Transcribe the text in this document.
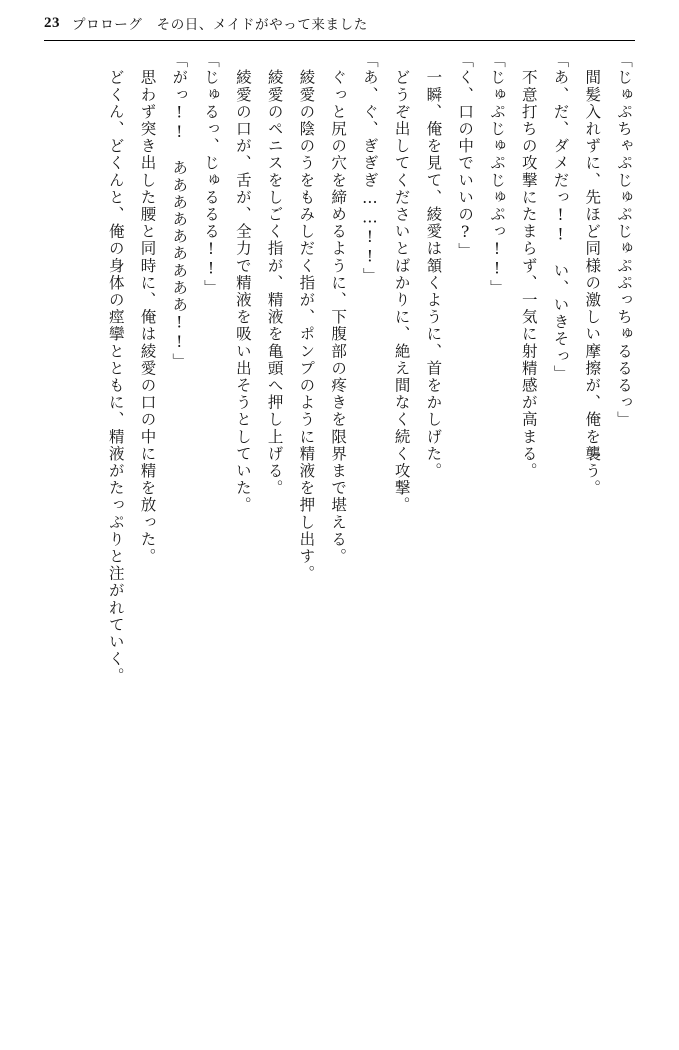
23 プロローグ　その日、メイドがやって来ました

「じゅぷちゃぷじゅぷじゅぷぷっちゅるるるっ」

　間髪入れずに、先ほど同様の激しい摩擦が、俺を襲う。

「あ、だ、ダメだっ!!　い、いきそっ」

　不意打ちの攻撃にたまらず、一気に射精感が高まる。

「じゅぷじゅぷじゅぷっ!!」

「く、口の中でいいの?」

　一瞬、俺を見て、綾愛は頷くように、首をかしげた。

　どうぞ出してくださいとばかりに、絶え間なく続く攻撃。

「あ、ぐ、ぎぎぎ……!!」

　ぐっと尻の穴を締めるように、下腹部の疼きを限界まで堪える。

　綾愛の陰のうをもみしだく指が、ポンプのように精液を押し出す。

　綾愛のペニスをしごく指が、精液を亀頭へ押し上げる。

　綾愛の口が、舌が、全力で精液を吸い出そうとしていた。

「じゅるっ、じゅるるる!!」

「がっ!!　あああああああああ!!」

　思わず突き出した腰と同時に、俺は綾愛の口の中に精を放った。

　どくん、どくんと、俺の身体の痙攣とともに、精液がたっぷりと注がれていく。
